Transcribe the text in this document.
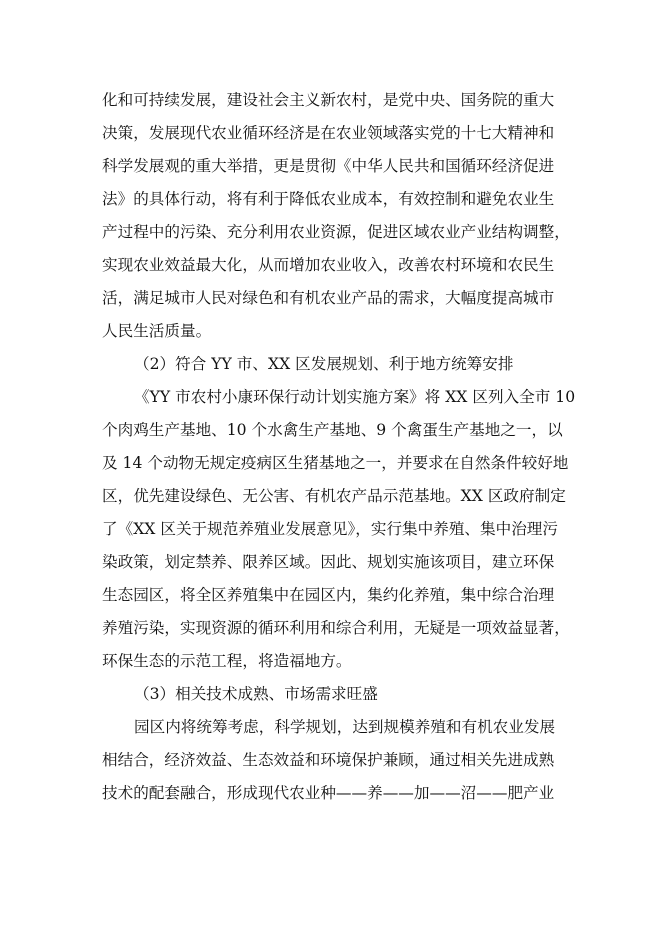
化和可持续发展，建设社会主义新农村，是党中央、国务院的重大
决策，发展现代农业循环经济是在农业领域落实党的十七大精神和
科学发展观的重大举措，更是贯彻《中华人民共和国循环经济促进
法》的具体行动，将有利于降低农业成本，有效控制和避免农业生
产过程中的污染、充分利用农业资源，促进区域农业产业结构调整，
实现农业效益最大化，从而增加农业收入，改善农村环境和农民生
活，满足城市人民对绿色和有机农业产品的需求，大幅度提高城市
人民生活质量。
（2）符合 YY 市、XX 区发展规划、利于地方统筹安排
《YY 市农村小康环保行动计划实施方案》将 XX 区列入全市 10
个肉鸡生产基地、10 个水禽生产基地、9 个禽蛋生产基地之一，以
及 14 个动物无规定疫病区生猪基地之一，并要求在自然条件较好地
区，优先建设绿色、无公害、有机农产品示范基地。XX 区政府制定
了《XX 区关于规范养殖业发展意见》，实行集中养殖、集中治理污
染政策，划定禁养、限养区域。因此、规划实施该项目，建立环保
生态园区，将全区养殖集中在园区内，集约化养殖，集中综合治理
养殖污染，实现资源的循环利用和综合利用，无疑是一项效益显著，
环保生态的示范工程，将造福地方。
（3）相关技术成熟、市场需求旺盛
园区内将统筹考虑，科学规划，达到规模养殖和有机农业发展
相结合，经济效益、生态效益和环境保护兼顾，通过相关先进成熟
技术的配套融合，形成现代农业种——养——加——沼——肥产业
